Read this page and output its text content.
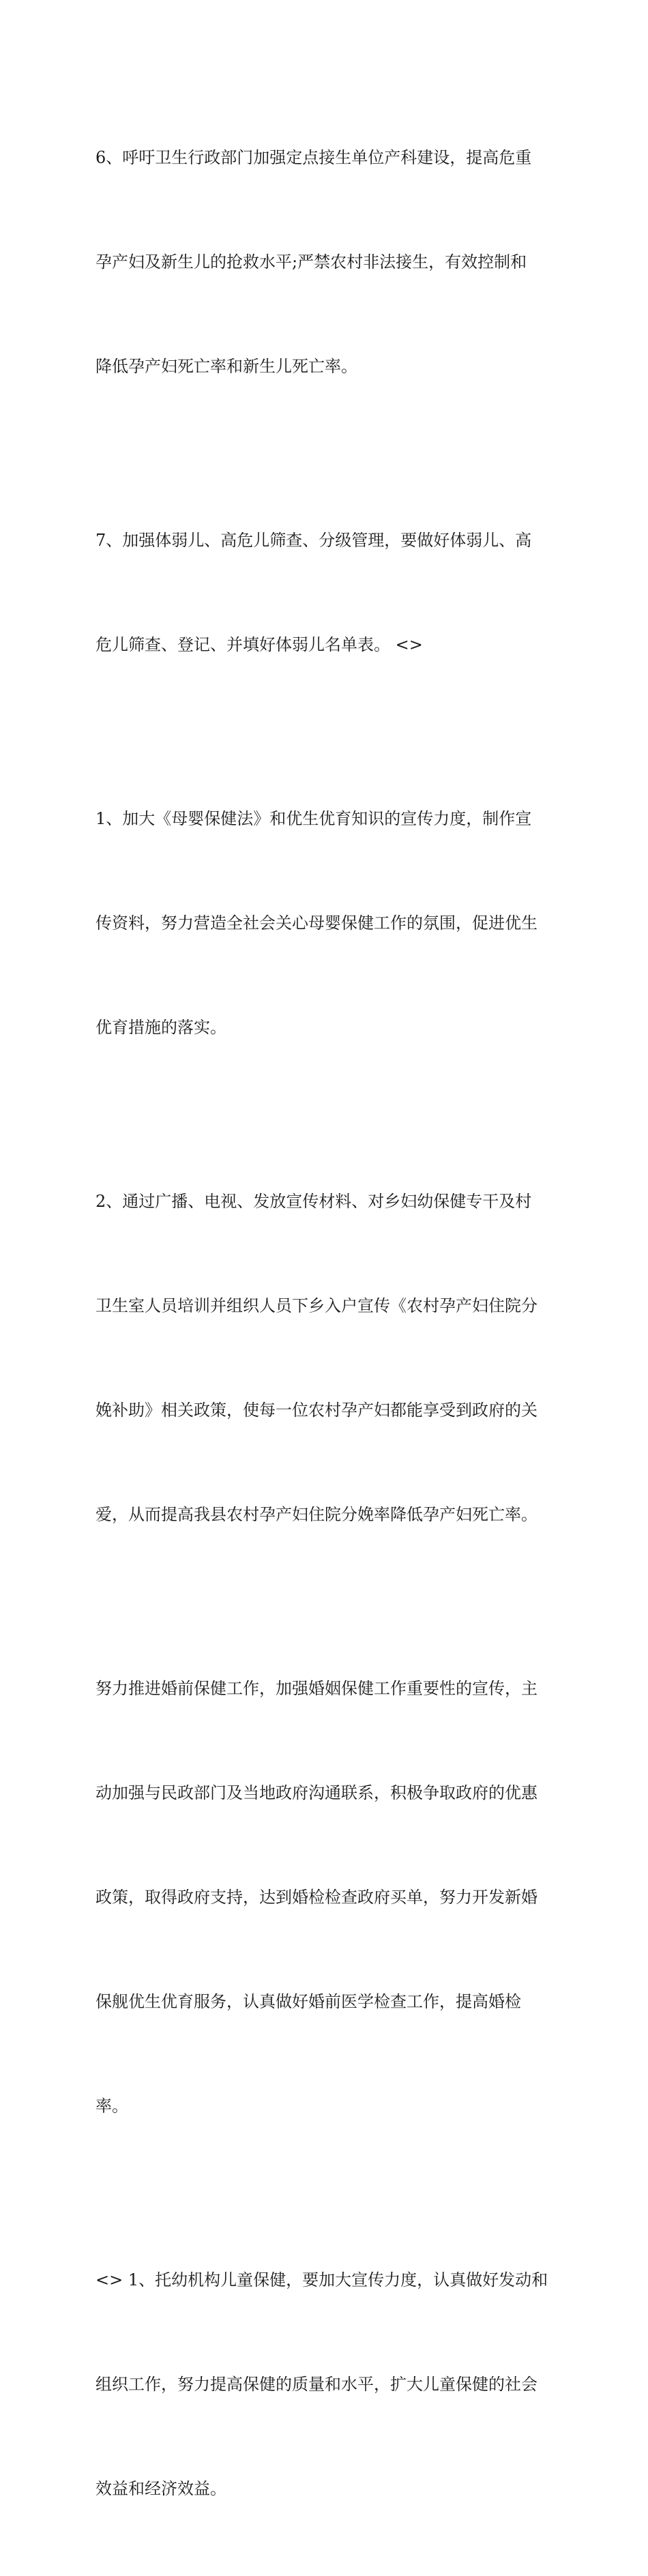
6、呼吁卫生行政部门加强定点接生单位产科建设，提高危重

孕产妇及新生儿的抢救水平;严禁农村非法接生，有效控制和

降低孕产妇死亡率和新生儿死亡率。

7、加强体弱儿、高危儿筛查、分级管理，要做好体弱儿、高

危儿筛查、登记、并填好体弱儿名单表。 <>

1、加大《母婴保健法》和优生优育知识的宣传力度，制作宣

传资料，努力营造全社会关心母婴保健工作的氛围，促进优生

优育措施的落实。

2、通过广播、电视、发放宣传材料、对乡妇幼保健专干及村

卫生室人员培训并组织人员下乡入户宣传《农村孕产妇住院分

娩补助》相关政策，使每一位农村孕产妇都能享受到政府的关

爱，从而提高我县农村孕产妇住院分娩率降低孕产妇死亡率。

努力推进婚前保健工作，加强婚姻保健工作重要性的宣传，主

动加强与民政部门及当地政府沟通联系，积极争取政府的优惠

政策，取得政府支持，达到婚检检查政府买单，努力开发新婚

保舰优生优育服务，认真做好婚前医学检查工作，提高婚检

率。

<> 1、托幼机构儿童保健，要加大宣传力度，认真做好发动和

组织工作，努力提高保健的质量和水平，扩大儿童保健的社会

效益和经济效益。
